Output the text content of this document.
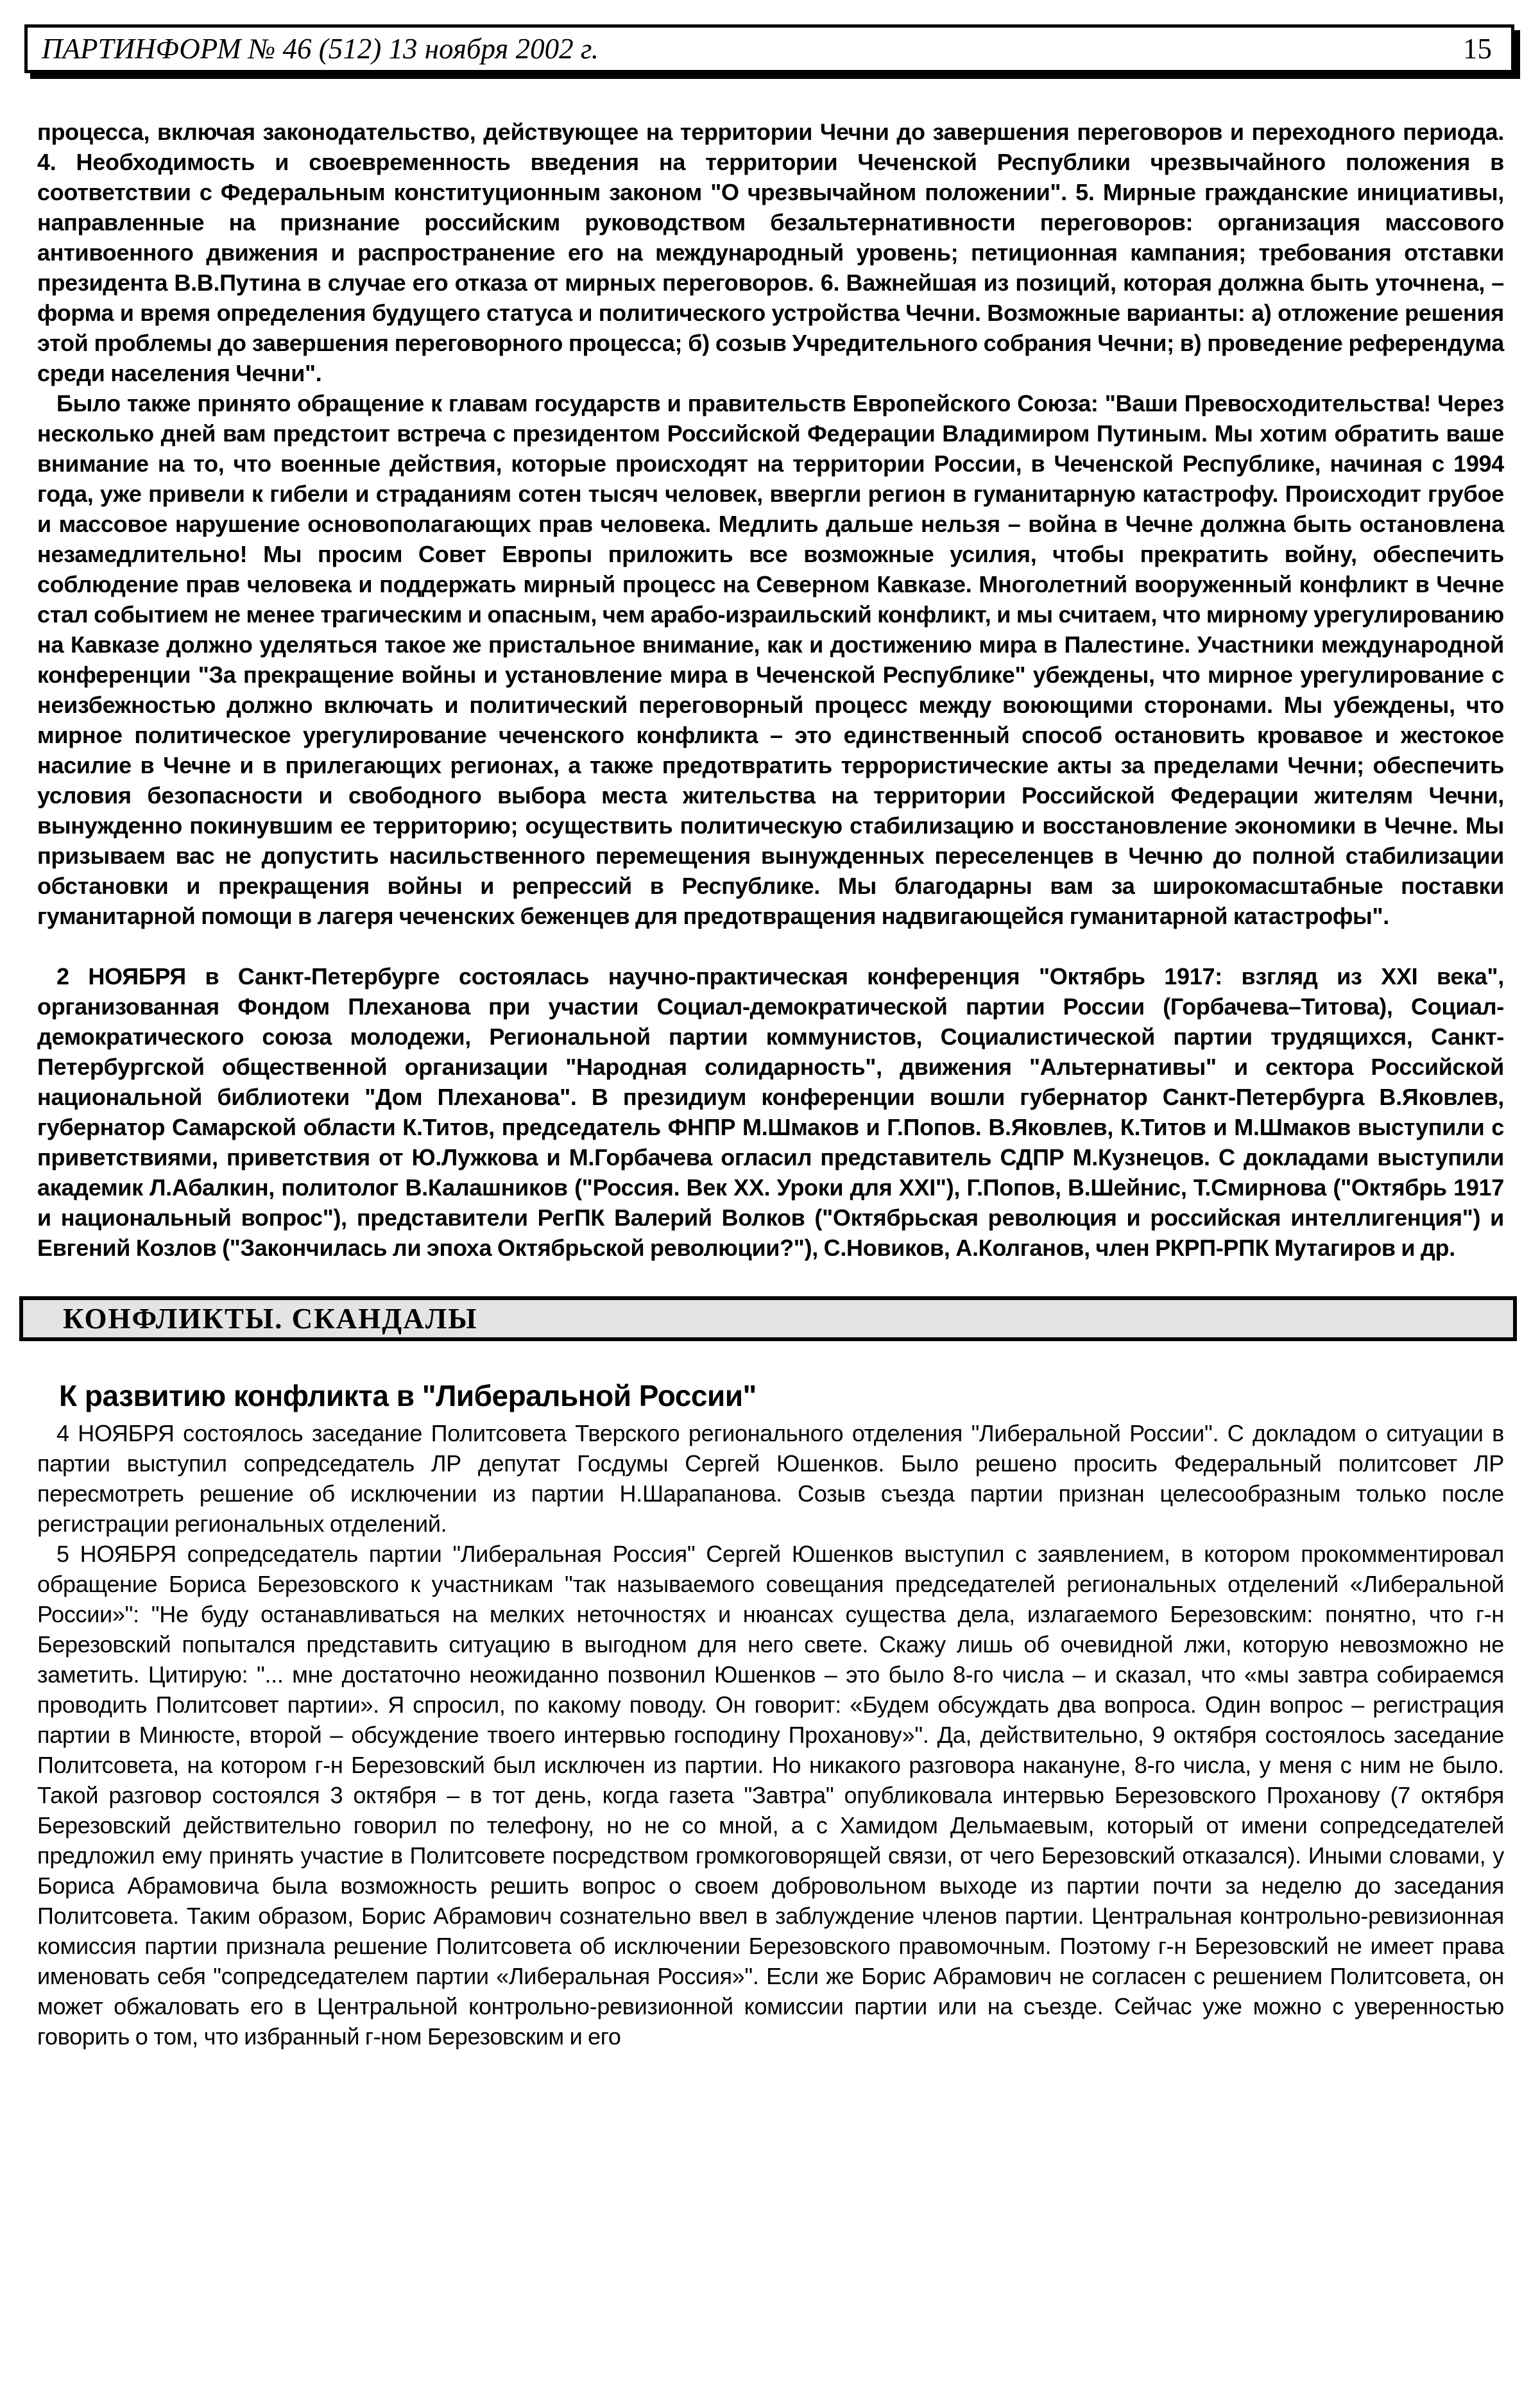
ПАРТИНФОРМ № 46 (512) 13 ноября 2002 г.	15

процесса, включая законодательство, действующее на территории Чечни до завершения переговоров и переходного периода. 4. Необходимость и своевременность введения на территории Чеченской Республики чрезвычайного положения в соответствии с Федеральным конституционным законом "О чрезвычайном положении". 5. Мирные гражданские инициативы, направленные на признание российским руководством безальтернативности переговоров: организация массового антивоенного движения и распространение его на международный уровень; петиционная кампания; требования отставки президента В.В.Путина в случае его отказа от мирных переговоров. 6. Важнейшая из позиций, которая должна быть уточнена, – форма и время определения будущего статуса и политического устройства Чечни. Возможные варианты: а) отложение решения этой проблемы до завершения переговорного процесса; б) созыв Учредительного собрания Чечни; в) проведение референдума среди населения Чечни".

Было также принято обращение к главам государств и правительств Европейского Союза: "Ваши Превосходительства! Через несколько дней вам предстоит встреча с президентом Российской Федерации Владимиром Путиным. Мы хотим обратить ваше внимание на то, что военные действия, которые происходят на территории России, в Чеченской Республике, начиная с 1994 года, уже привели к гибели и страданиям сотен тысяч человек, ввергли регион в гуманитарную катастрофу. Происходит грубое и массовое нарушение основополагающих прав человека. Медлить дальше нельзя – война в Чечне должна быть остановлена незамедлительно! Мы просим Совет Европы приложить все возможные усилия, чтобы прекратить войну, обеспечить соблюдение прав человека и поддержать мирный процесс на Северном Кавказе. Многолетний вооруженный конфликт в Чечне стал событием не менее трагическим и опасным, чем арабо-израильский конфликт, и мы считаем, что мирному урегулированию на Кавказе должно уделяться такое же пристальное внимание, как и достижению мира в Палестине. Участники международной конференции "За прекращение войны и установление мира в Чеченской Республике" убеждены, что мирное урегулирование с неизбежностью должно включать и политический переговорный процесс между воюющими сторонами. Мы убеждены, что мирное политическое урегулирование чеченского конфликта – это единственный способ остановить кровавое и жестокое насилие в Чечне и в прилегающих регионах, а также предотвратить террористические акты за пределами Чечни; обеспечить условия безопасности и свободного выбора места жительства на территории Российской Федерации жителям Чечни, вынужденно покинувшим ее территорию; осуществить политическую стабилизацию и восстановление экономики в Чечне. Мы призываем вас не допустить насильственного перемещения вынужденных переселенцев в Чечню до полной стабилизации обстановки и прекращения войны и репрессий в Республике. Мы благодарны вам за широкомасштабные поставки гуманитарной помощи в лагеря чеченских беженцев для предотвращения надвигающейся гуманитарной катастрофы".

2 НОЯБРЯ в Санкт-Петербурге состоялась научно-практическая конференция "Октябрь 1917: взгляд из XXI века", организованная Фондом Плеханова при участии Социал-демократической партии России (Горбачева–Титова), Социал-демократического союза молодежи, Региональной партии коммунистов, Социалистической партии трудящихся, Санкт-Петербургской общественной организации "Народная солидарность", движения "Альтернативы" и сектора Российской национальной библиотеки "Дом Плеханова". В президиум конференции вошли губернатор Санкт-Петербурга В.Яковлев, губернатор Самарской области К.Титов, председатель ФНПР М.Шмаков и Г.Попов. В.Яковлев, К.Титов и М.Шмаков выступили с приветствиями, приветствия от Ю.Лужкова и М.Горбачева огласил представитель СДПР М.Кузнецов. С докладами выступили академик Л.Абалкин, политолог В.Калашников ("Россия. Век XX. Уроки для XXI"), Г.Попов, В.Шейнис, Т.Смирнова ("Октябрь 1917 и национальный вопрос"), представители РегПК Валерий Волков ("Октябрьская революция и российская интеллигенция") и Евгений Козлов ("Закончилась ли эпоха Октябрьской революции?"), С.Новиков, А.Колганов, член РКРП-РПК Мутагиров и др.

КОНФЛИКТЫ. СКАНДАЛЫ
К развитию конфликта в "Либеральной России"

4 НОЯБРЯ состоялось заседание Политсовета Тверского регионального отделения "Либеральной России". С докладом о ситуации в партии выступил сопредседатель ЛР депутат Госдумы Сергей Юшенков. Было решено просить Федеральный политсовет ЛР пересмотреть решение об исключении из партии Н.Шарапанова. Созыв съезда партии признан целесообразным только после регистрации региональных отделений.

5 НОЯБРЯ сопредседатель партии "Либеральная Россия" Сергей Юшенков выступил с заявлением, в котором прокомментировал обращение Бориса Березовского к участникам "так называемого совещания председателей региональных отделений «Либеральной России»": "Не буду останавливаться на мелких неточностях и нюансах существа дела, излагаемого Березовским: понятно, что г-н Березовский попытался представить ситуацию в выгодном для него свете. Скажу лишь об очевидной лжи, которую невозможно не заметить. Цитирую: "... мне достаточно неожиданно позвонил Юшенков – это было 8-го числа – и сказал, что «мы завтра собираемся проводить Политсовет партии». Я спросил, по какому поводу. Он говорит: «Будем обсуждать два вопроса. Один вопрос – регистрация партии в Минюсте, второй – обсуждение твоего интервью господину Проханову»". Да, действительно, 9 октября состоялось заседание Политсовета, на котором г-н Березовский был исключен из партии. Но никакого разговора накануне, 8-го числа, у меня с ним не было. Такой разговор состоялся 3 октября – в тот день, когда газета "Завтра" опубликовала интервью Березовского Проханову (7 октября Березовский действительно говорил по телефону, но не со мной, а с Хамидом Дельмаевым, который от имени сопредседателей предложил ему принять участие в Политсовете посредством громкоговорящей связи, от чего Березовский отказался). Иными словами, у Бориса Абрамовича была возможность решить вопрос о своем добровольном выходе из партии почти за неделю до заседания Политсовета. Таким образом, Борис Абрамович сознательно ввел в заблуждение членов партии. Центральная контрольно-ревизионная комиссия партии признала решение Политсовета об исключении Березовского правомочным. Поэтому г-н Березовский не имеет права именовать себя "сопредседателем партии «Либеральная Россия»". Если же Борис Абрамович не согласен с решением Политсовета, он может обжаловать его в Центральной контрольно-ревизионной комиссии партии или на съезде. Сейчас уже можно с уверенностью говорить о том, что избранный г-ном Березовским и его
